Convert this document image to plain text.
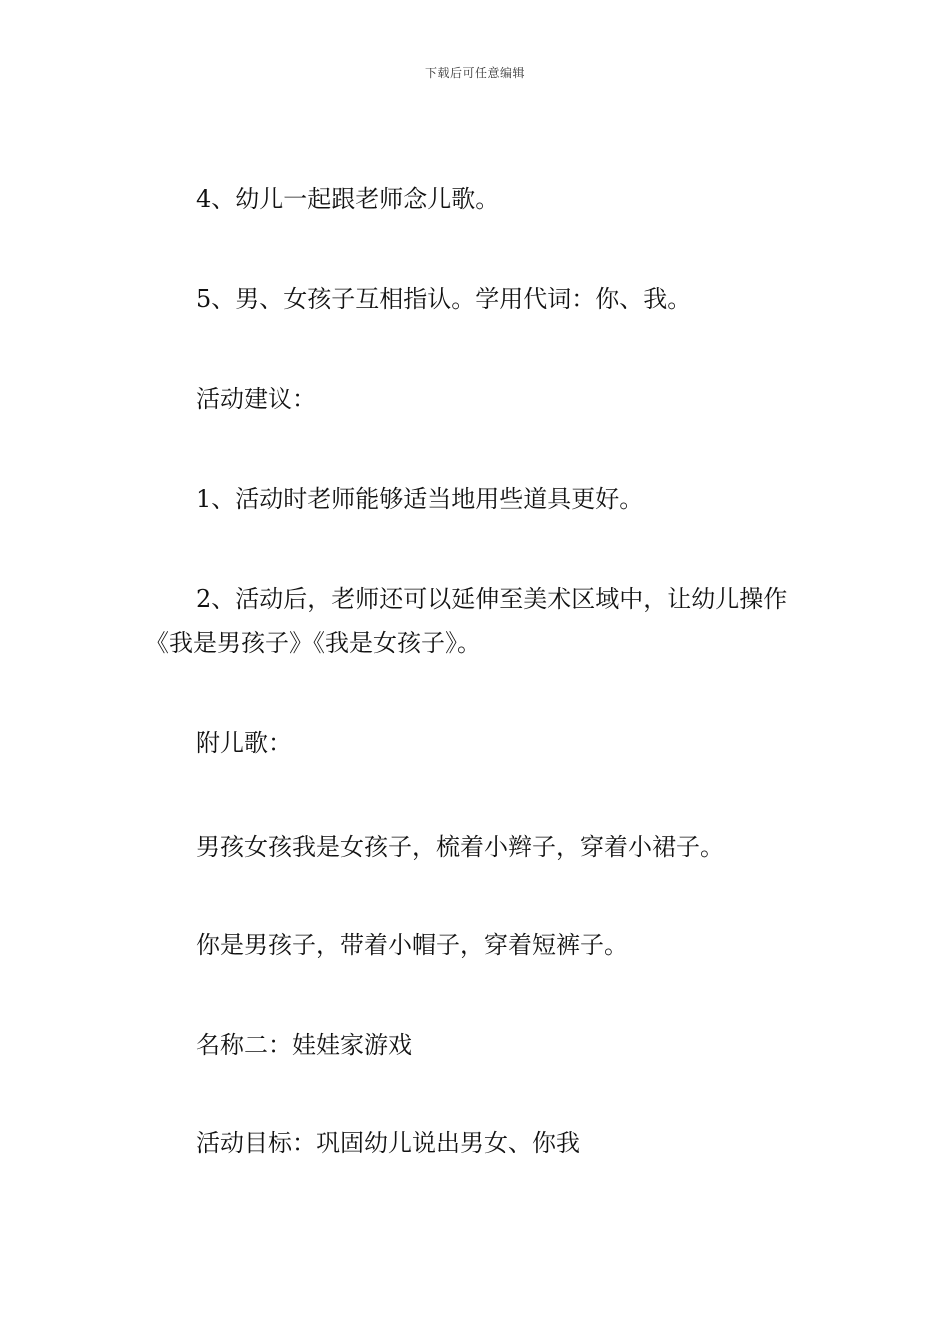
下载后可任意编辑

4、幼儿一起跟老师念儿歌。

5、男、女孩子互相指认。学用代词：你、我。

活动建议：

1、活动时老师能够适当地用些道具更好。

2、活动后，老师还可以延伸至美术区域中，让幼儿操作《我是男孩子》《我是女孩子》。

附儿歌：

男孩女孩我是女孩子，梳着小辫子，穿着小裙子。

你是男孩子，带着小帽子，穿着短裤子。

名称二：娃娃家游戏

活动目标：巩固幼儿说出男女、你我
